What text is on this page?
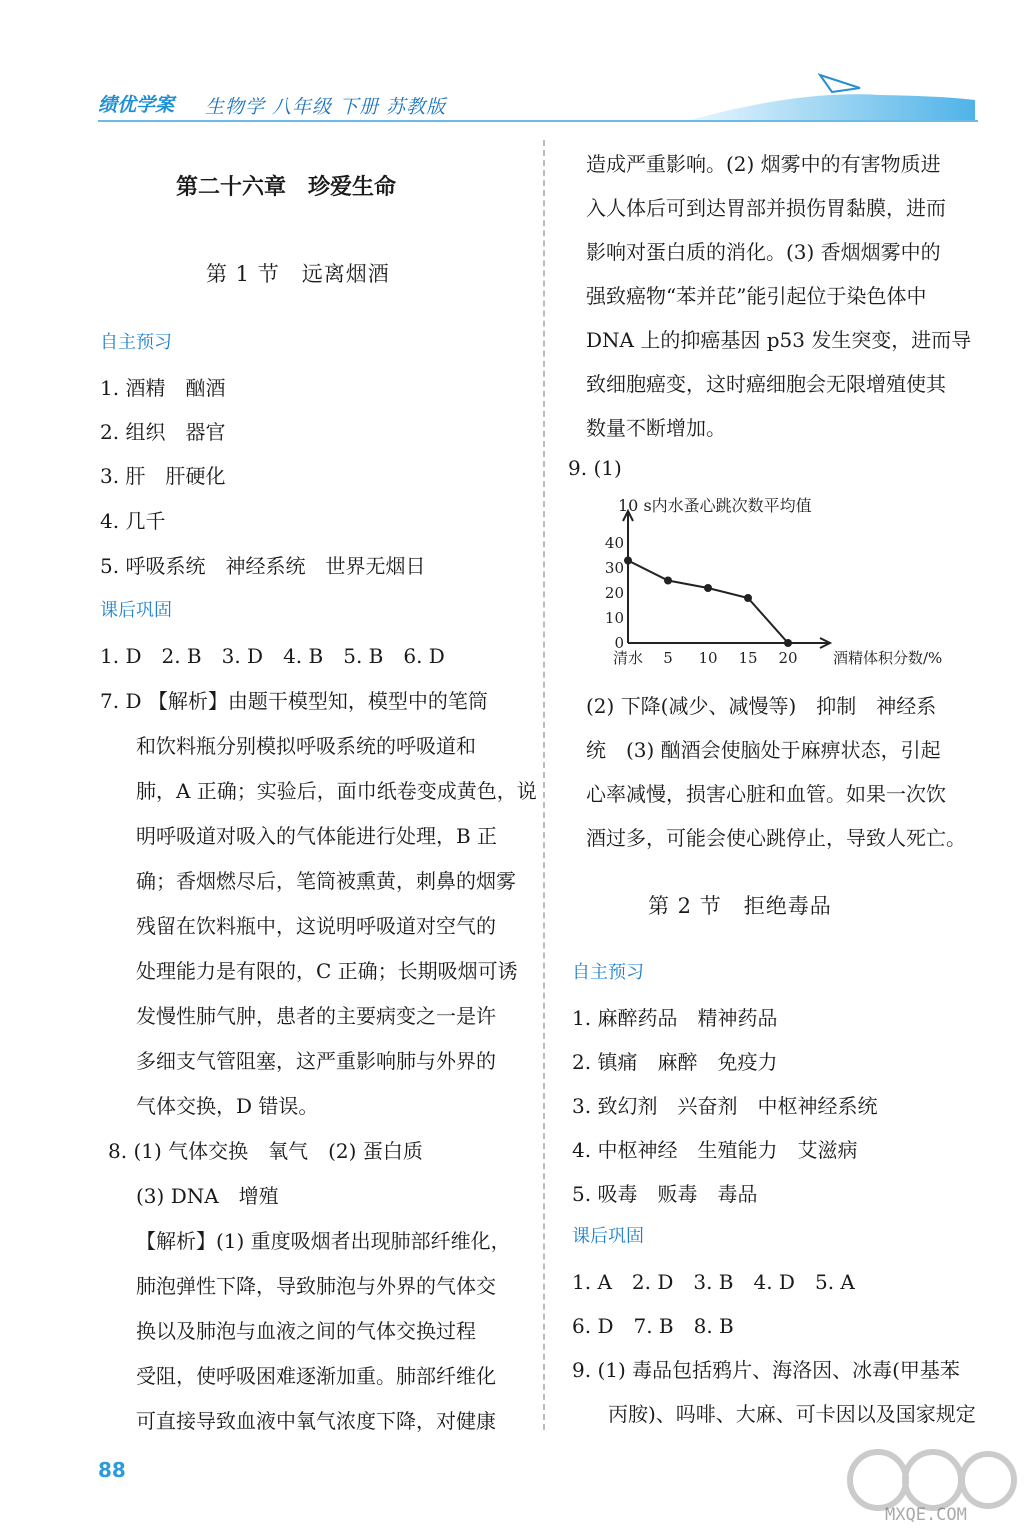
绩优学案 生物学 八年级 下册 苏教版
第二十六章　珍爱生命
第 1 节　远离烟酒
自主预习
1. 酒精　酗酒
2. 组织　器官
3. 肝　肝硬化
4. 几千
5. 呼吸系统　神经系统　世界无烟日
课后巩固
1. D　2. B　3. D　4. B　5. B　6. D
7. D 【解析】由题干模型知，模型中的笔筒
和饮料瓶分别模拟呼吸系统的呼吸道和
肺，A 正确；实验后，面巾纸卷变成黄色，说
明呼吸道对吸入的气体能进行处理，B 正
确；香烟燃尽后，笔筒被熏黄，刺鼻的烟雾
残留在饮料瓶中，这说明呼吸道对空气的
处理能力是有限的，C 正确；长期吸烟可诱
发慢性肺气肿，患者的主要病变之一是许
多细支气管阻塞，这严重影响肺与外界的
气体交换，D 错误。
8. (1) 气体交换　氧气　(2) 蛋白质
(3) DNA　增殖
【解析】(1) 重度吸烟者出现肺部纤维化，
肺泡弹性下降，导致肺泡与外界的气体交
换以及肺泡与血液之间的气体交换过程
受阻，使呼吸困难逐渐加重。肺部纤维化
可直接导致血液中氧气浓度下降，对健康
造成严重影响。(2) 烟雾中的有害物质进
入人体后可到达胃部并损伤胃黏膜，进而
影响对蛋白质的消化。(3) 香烟烟雾中的
强致癌物“苯并芘”能引起位于染色体中
DNA 上的抑癌基因 p53 发生突变，进而导
致细胞癌变，这时癌细胞会无限增殖使其
数量不断增加。
9. (1)
(2) 下降(减少、减慢等)　抑制　神经系
统　(3) 酗酒会使脑处于麻痹状态，引起
心率减慢，损害心脏和血管。如果一次饮
酒过多，可能会使心跳停止，导致人死亡。
第 2 节　拒绝毒品
自主预习
1. 麻醉药品　精神药品
2. 镇痛　麻醉　免疫力
3. 致幻剂　兴奋剂　中枢神经系统
4. 中枢神经　生殖能力　艾滋病
5. 吸毒　贩毒　毒品
课后巩固
1. A　2. D　3. B　4. D　5. A
6. D　7. B　8. B
9. (1) 毒品包括鸦片、海洛因、冰毒(甲基苯
丙胺)、吗啡、大麻、可卡因以及国家规定
10 s内水蚤心跳次数平均值
0
10
20
30
40
清水 5 10 15 20 酒精体积分数/%
88
MXQE.COM
